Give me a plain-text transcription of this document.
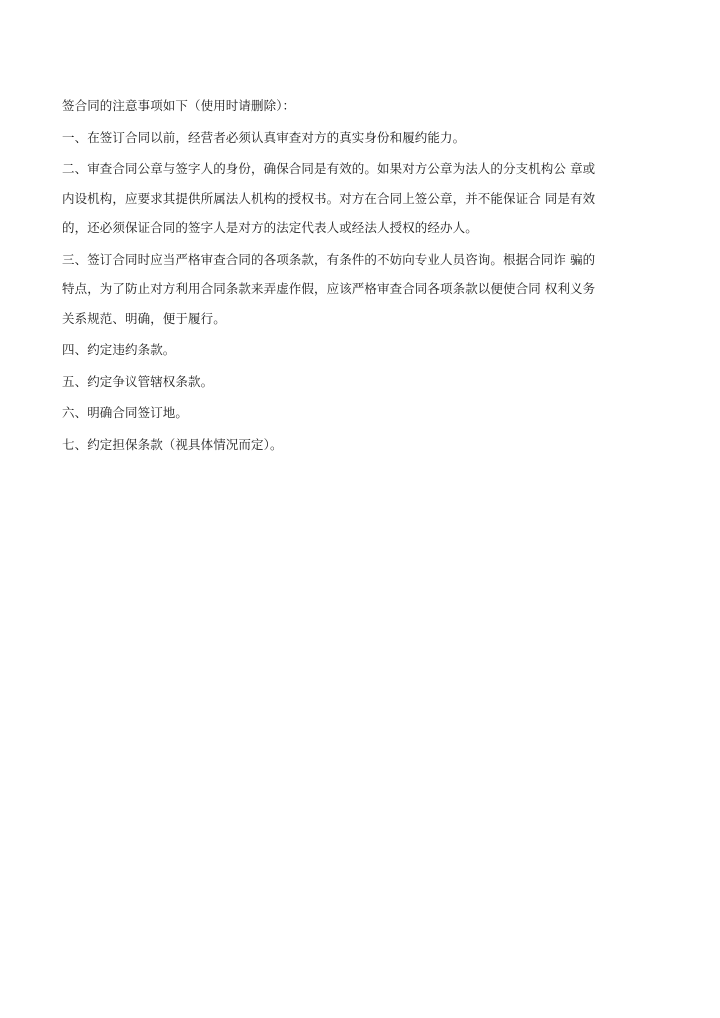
签合同的注意事项如下（使用时请删除）：
一、在签订合同以前，经营者必须认真审查对方的真实身份和履约能力。
二、审查合同公章与签字人的身份，确保合同是有效的。如果对方公章为法人的分支机构公 章或
内设机构，应要求其提供所属法人机构的授权书。对方在合同上签公章，并不能保证合 同是有效
的，还必须保证合同的签字人是对方的法定代表人或经法人授权的经办人。
三、签订合同时应当严格审查合同的各项条款，有条件的不妨向专业人员咨询。根据合同诈 骗的
特点，为了防止对方利用合同条款来弄虚作假，应该严格审查合同各项条款以便使合同 权利义务
关系规范、明确，便于履行。
四、约定违约条款。
五、约定争议管辖权条款。
六、明确合同签订地。
七、约定担保条款（视具体情况而定）。
